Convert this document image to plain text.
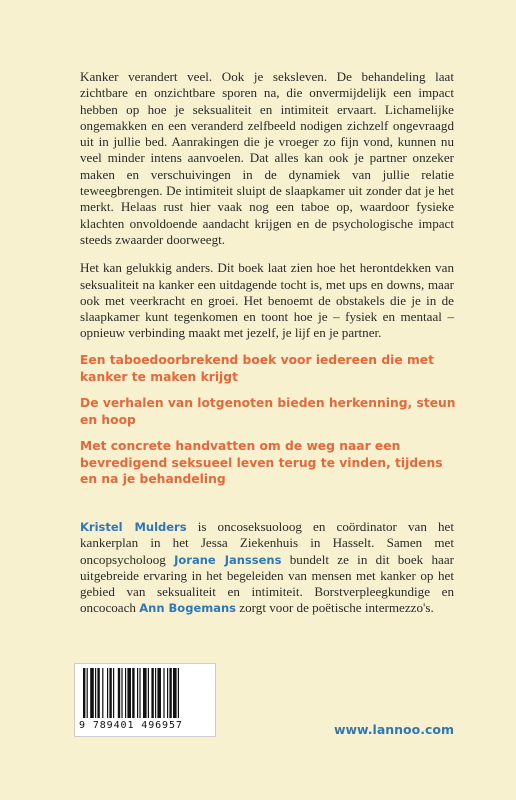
Kanker verandert veel. Ook je seksleven. De behandeling laat zichtbare en onzichtbare sporen na, die onvermijdelijk een impact hebben op hoe je seksualiteit en intimiteit ervaart. Lichamelijke ongemakken en een veranderd zelfbeeld nodigen zichzelf ongevraagd uit in jullie bed. Aanrakingen die je vroeger zo fijn vond, kunnen nu veel minder intens aanvoelen. Dat alles kan ook je partner onzeker maken en verschuivingen in de dynamiek van jullie relatie teweegbrengen. De intimiteit sluipt de slaapkamer uit zonder dat je het merkt. Helaas rust hier vaak nog een taboe op, waardoor fysieke klachten onvoldoende aandacht krijgen en de psychologische impact steeds zwaarder doorweegt.

Het kan gelukkig anders. Dit boek laat zien hoe het herontdekken van seksualiteit na kanker een uitdagende tocht is, met ups en downs, maar ook met veerkracht en groei. Het benoemt de obstakels die je in de slaapkamer kunt tegenkomen en toont hoe je – fysiek en mentaal – opnieuw verbinding maakt met jezelf, je lijf en je partner.

Een taboedoorbrekend boek voor iedereen die met kanker te maken krijgt

De verhalen van lotgenoten bieden herkenning, steun en hoop

Met concrete handvatten om de weg naar een bevredigend seksueel leven terug te vinden, tijdens en na je behandeling

Kristel Mulders is oncoseksuoloog en coördinator van het kankerplan in het Jessa Ziekenhuis in Hasselt. Samen met oncopsycholoog Jorane Janssens bundelt ze in dit boek haar uitgebreide ervaring in het begeleiden van mensen met kanker op het gebied van seksualiteit en intimiteit. Borstverpleegkundige en oncocoach Ann Bogemans zorgt voor de poëtische intermezzo's.
9 789401 496957	www.lannoo.com
